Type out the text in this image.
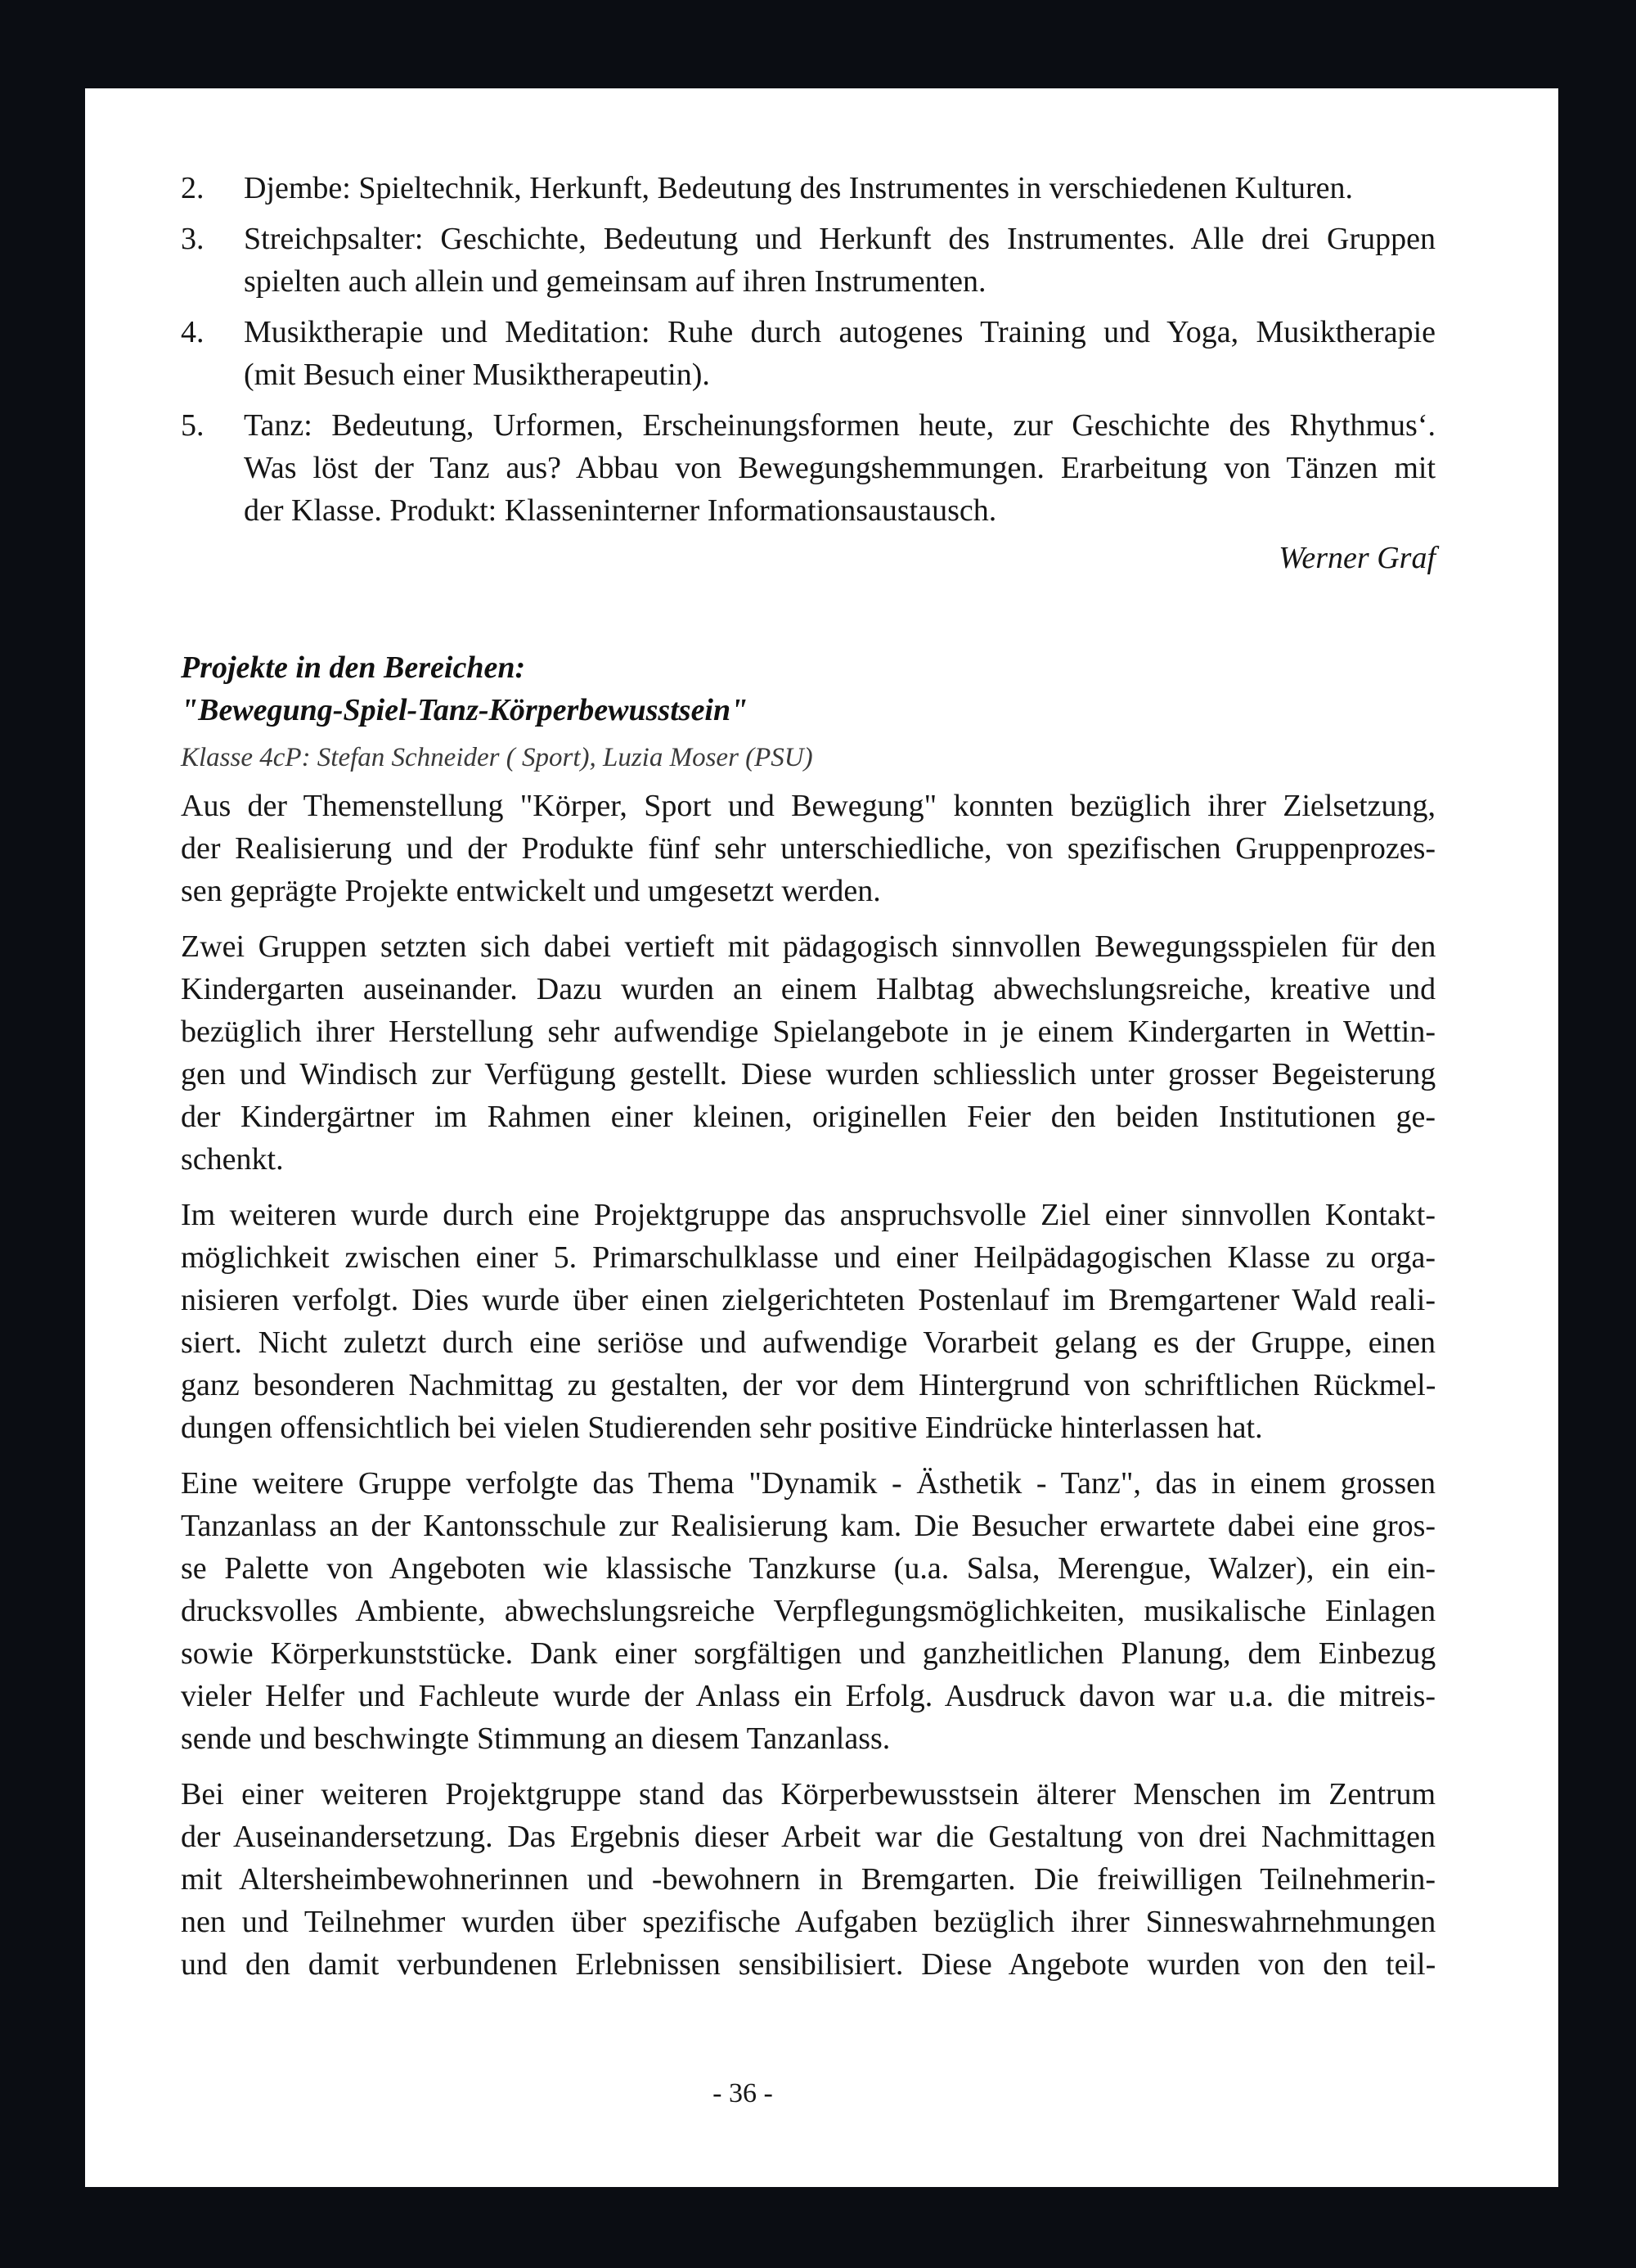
2. Djembe: Spieltechnik, Herkunft, Bedeutung des Instrumentes in verschiedenen Kulturen.
3. Streichpsalter: Geschichte, Bedeutung und Herkunft des Instrumentes. Alle drei Gruppen
spielten auch allein und gemeinsam auf ihren Instrumenten.
4. Musiktherapie und Meditation: Ruhe durch autogenes Training und Yoga, Musiktherapie
(mit Besuch einer Musiktherapeutin).
5. Tanz: Bedeutung, Urformen, Erscheinungsformen heute, zur Geschichte des Rhythmus‘.
Was löst der Tanz aus? Abbau von Bewegungshemmungen. Erarbeitung von Tänzen mit
der Klasse. Produkt: Klasseninterner Informationsaustausch.
Werner Graf
Projekte in den Bereichen:
"Bewegung-Spiel-Tanz-Körperbewusstsein"
Klasse 4cP: Stefan Schneider ( Sport), Luzia Moser (PSU)
Aus der Themenstellung "Körper, Sport und Bewegung" konnten bezüglich ihrer Zielsetzung,
der Realisierung und der Produkte fünf sehr unterschiedliche, von spezifischen Gruppenprozes-
sen geprägte Projekte entwickelt und umgesetzt werden.
Zwei Gruppen setzten sich dabei vertieft mit pädagogisch sinnvollen Bewegungsspielen für den
Kindergarten auseinander. Dazu wurden an einem Halbtag abwechslungsreiche, kreative und
bezüglich ihrer Herstellung sehr aufwendige Spielangebote in je einem Kindergarten in Wettin-
gen und Windisch zur Verfügung gestellt. Diese wurden schliesslich unter grosser Begeisterung
der Kindergärtner im Rahmen einer kleinen, originellen Feier den beiden Institutionen ge-
schenkt.
Im weiteren wurde durch eine Projektgruppe das anspruchsvolle Ziel einer sinnvollen Kontakt-
möglichkeit zwischen einer 5. Primarschulklasse und einer Heilpädagogischen Klasse zu orga-
nisieren verfolgt. Dies wurde über einen zielgerichteten Postenlauf im Bremgartener Wald reali-
siert. Nicht zuletzt durch eine seriöse und aufwendige Vorarbeit gelang es der Gruppe, einen
ganz besonderen Nachmittag zu gestalten, der vor dem Hintergrund von schriftlichen Rückmel-
dungen offensichtlich bei vielen Studierenden sehr positive Eindrücke hinterlassen hat.
Eine weitere Gruppe verfolgte das Thema "Dynamik - Ästhetik - Tanz", das in einem grossen
Tanzanlass an der Kantonsschule zur Realisierung kam. Die Besucher erwartete dabei eine gros-
se Palette von Angeboten wie klassische Tanzkurse (u.a. Salsa, Merengue, Walzer), ein ein-
drucksvolles Ambiente, abwechslungsreiche Verpflegungsmöglichkeiten, musikalische Einlagen
sowie Körperkunststücke. Dank einer sorgfältigen und ganzheitlichen Planung, dem Einbezug
vieler Helfer und Fachleute wurde der Anlass ein Erfolg. Ausdruck davon war u.a. die mitreis-
sende und beschwingte Stimmung an diesem Tanzanlass.
Bei einer weiteren Projektgruppe stand das Körperbewusstsein älterer Menschen im Zentrum
der Auseinandersetzung. Das Ergebnis dieser Arbeit war die Gestaltung von drei Nachmittagen
mit Altersheimbewohnerinnen und -bewohnern in Bremgarten. Die freiwilligen Teilnehmerin-
nen und Teilnehmer wurden über spezifische Aufgaben bezüglich ihrer Sinneswahrnehmungen
und den damit verbundenen Erlebnissen sensibilisiert. Diese Angebote wurden von den teil-
- 36 -
